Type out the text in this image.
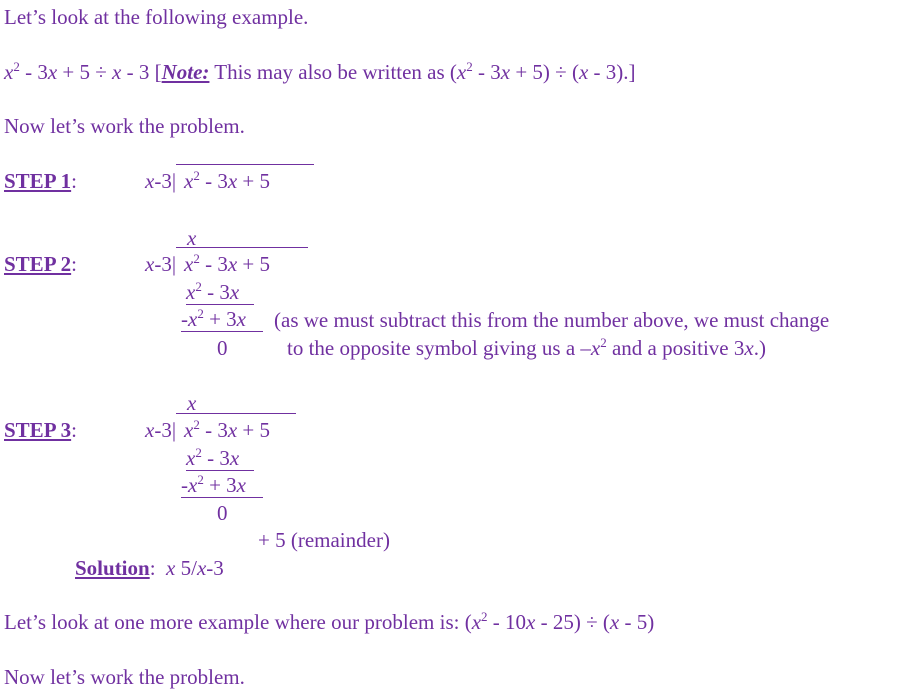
Let’s look at the following example.
$x^2 - 3x + 5 \div x - 3$ [Note: This may also be written as $(x^2 - 3x + 5) \div (x - 3)$.]
Now let’s work the problem.
STEP 1:	x-3| $x^2 - 3x + 5$
x
STEP 2:	x-3| $x^2 - 3x + 5$
$x^2 - 3x$
$-x^2 + 3x$	(as we must subtract this from the number above, we must change
0	to the opposite symbol giving us a $-x^2$ and a positive 3x.)
x
STEP 3:	x-3| $x^2 - 3x + 5$
$x^2 - 3x$
$-x^2 + 3x$
0
+ 5 (remainder)
Solution: x 5/x-3
Let’s look at one more example where our problem is: $(x^2 - 10x - 25) \div (x - 5)$
Now let’s work the problem.
